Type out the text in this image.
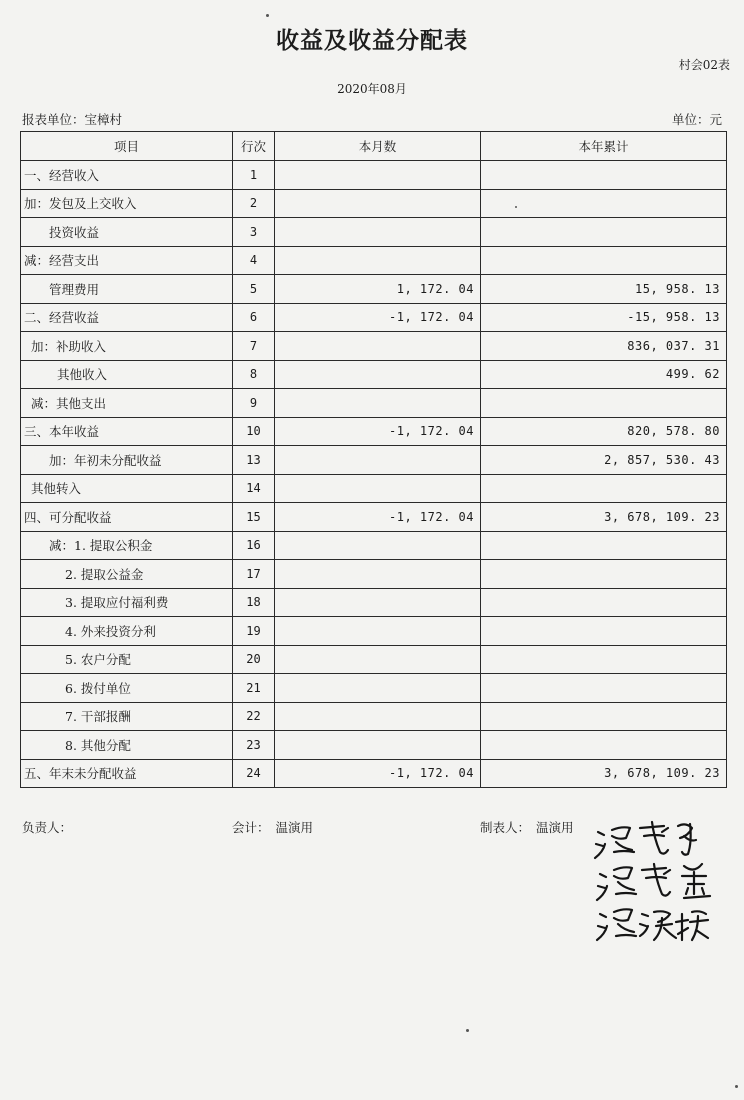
收益及收益分配表
村会02表
2020年08月
报表单位：宝樟村	单位：元
项目	行次	本月数	本年累计
一、经营收入	1		
加：发包及上交收入	2		
投资收益	3		
减：经营支出	4		
管理费用	5	1, 172. 04	15, 958. 13
二、经营收益	6	-1, 172. 04	-15, 958. 13
加：补助收入	7		836, 037. 31
其他收入	8		499. 62
减：其他支出	9		
三、本年收益	10	-1, 172. 04	820, 578. 80
加：年初未分配收益	13		2, 857, 530. 43
其他转入	14		
四、可分配收益	15	-1, 172. 04	3, 678, 109. 23
减：1. 提取公积金	16		
2. 提取公益金	17		
3. 提取应付福利费	18		
4. 外来投资分利	19		
5. 农户分配	20		
6. 拨付单位	21		
7. 干部报酬	22		
8. 其他分配	23		
五、年末未分配收益	24	-1, 172. 04	3, 678, 109. 23
负责人：	会计： 温演用	制表人： 温演用
